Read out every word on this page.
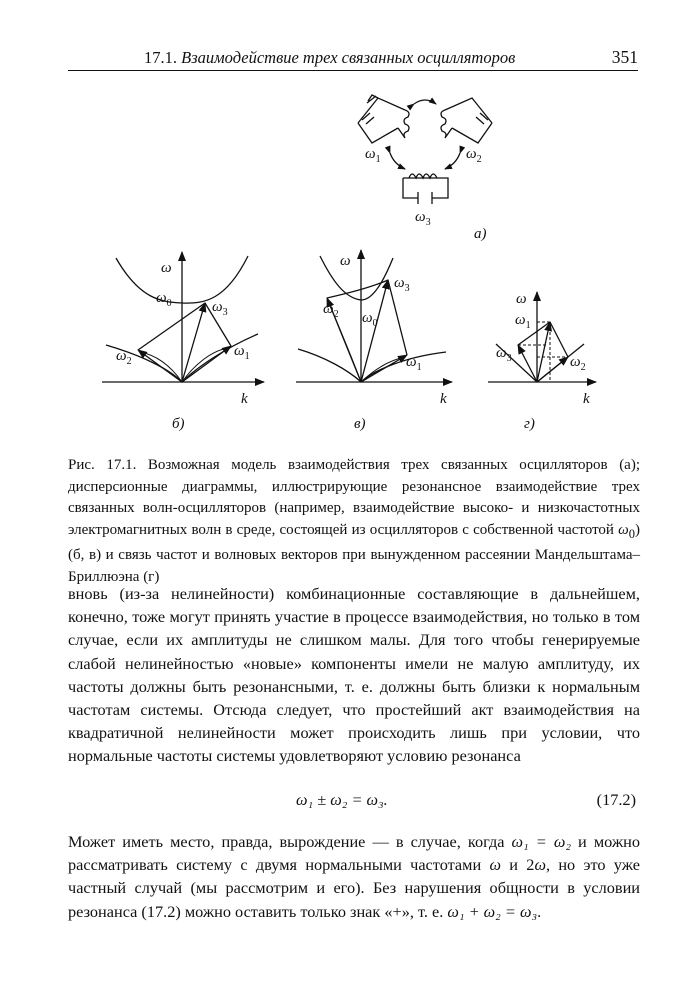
17.1. Взаимодействие трех связанных осцилляторов	351
$\omega_1$	$\omega_2$
$\omega_3$
а)
ω
k
$\omega_0$	$\omega_3$
$\omega_2$
$\omega_1$
б)
ω
k
$\omega_3$
$\omega_2$ $\omega_0$
$\omega_1$
в)
ω
k
$\omega_1$
$\omega_3$	$\omega_2$
г)
Рис. 17.1. Возможная модель взаимодействия трех связанных осцилляторов (а); дисперсионные диаграммы, иллюстрирующие резонансное взаимодействие трех связанных волн-осцилляторов (например, взаимодействие высоко- и низкочастотных электромагнитных волн в среде, состоящей из осцилляторов с собственной частотой $\omega_0$) (б, в) и связь частот и волновых векторов при вынужденном рассеянии Мандельштама–Бриллюэна (г)
вновь (из-за нелинейности) комбинационные составляющие в дальнейшем, конечно, тоже могут принять участие в процессе взаимодействия, но только в том случае, если их амплитуды не слишком малы. Для того чтобы генерируемые слабой нелинейностью «новые» компоненты имели не малую амплитуду, их частоты должны быть резонансными, т. е. должны быть близки к нормальным частотам системы. Отсюда следует, что простейший акт взаимодействия на квадратичной нелинейности может происходить лишь при условии, что нормальные частоты системы удовлетворяют условию резонанса
ω₁ ± ω₂ = ω₃.	(17.2)
Может иметь место, правда, вырождение — в случае, когда ω₁ = ω₂ и можно рассматривать систему с двумя нормальными частотами ω и 2ω, но это уже частный случай (мы рассмотрим и его). Без нарушения общности в условии резонанса (17.2) можно оставить только знак «+», т. е. ω₁ + ω₂ = ω₃.
